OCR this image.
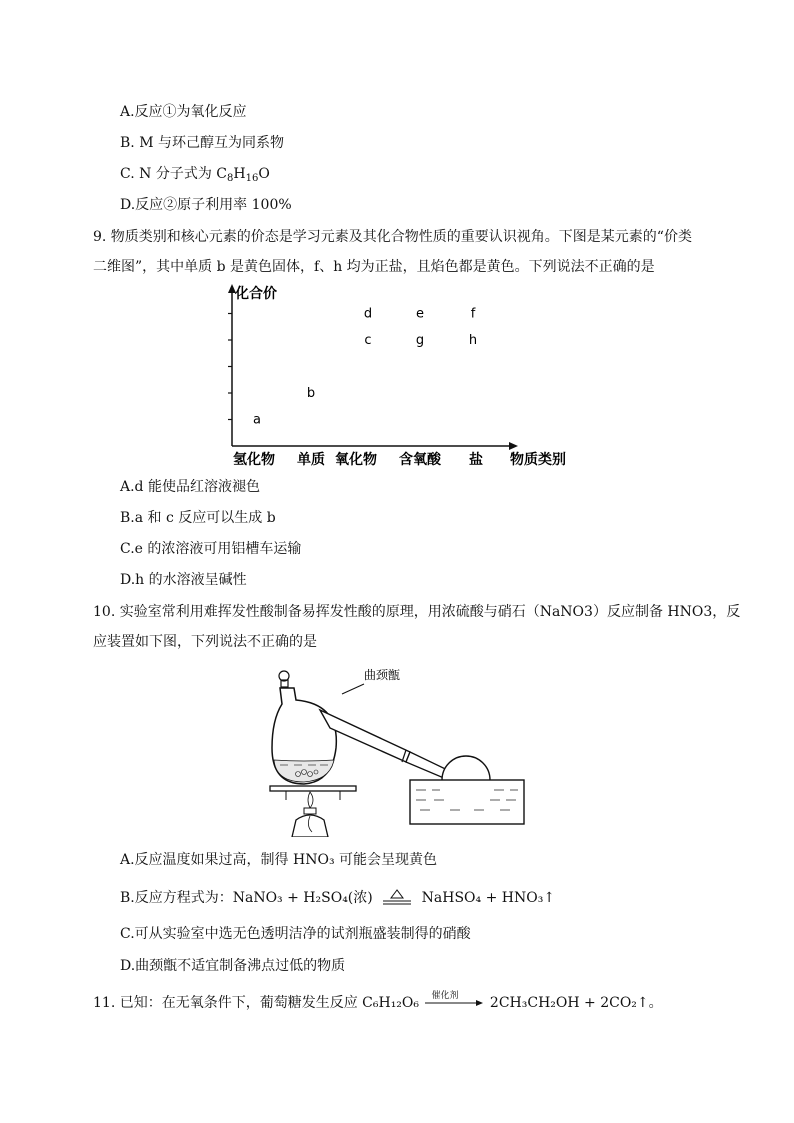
A.反应①为氧化反应
B. M 与环己醇互为同系物
C. N 分子式为 $C_8H_{16}O$
D.反应②原子利用率 100%
9. 物质类别和核心元素的价态是学习元素及其化合物性质的重要认识视角。下图是某元素的“价类
二维图”，其中单质 b 是黄色固体，f、h 均为正盐，且焰色都是黄色。下列说法不正确的是
化合价
物质类别
氢化物 单质 氧化物 含氧酸 盐
a
b
c
d	e
g
f
h
A.d 能使品红溶液褪色
B.a 和 c 反应可以生成 b
C.e 的浓溶液可用铝槽车运输
D.h 的水溶液呈碱性
10. 实验室常利用难挥发性酸制备易挥发性酸的原理，用浓硫酸与硝石（NaNO3）反应制备 HNO3，反
应装置如下图，下列说法不正确的是
曲颈甑
A.反应温度如果过高，制得 HNO₃ 可能会呈现黄色
B.反应方程式为：NaNO₃ + H₂SO₄(浓)	NaHSO₄ + HNO₃↑
C.可从实验室中选无色透明洁净的试剂瓶盛装制得的硝酸
D.曲颈甑不适宜制备沸点过低的物质
11. 已知：在无氧条件下，葡萄糖发生反应 C₆H₁₂O₆ 催化剂 2CH₃CH₂OH + 2CO₂↑。
